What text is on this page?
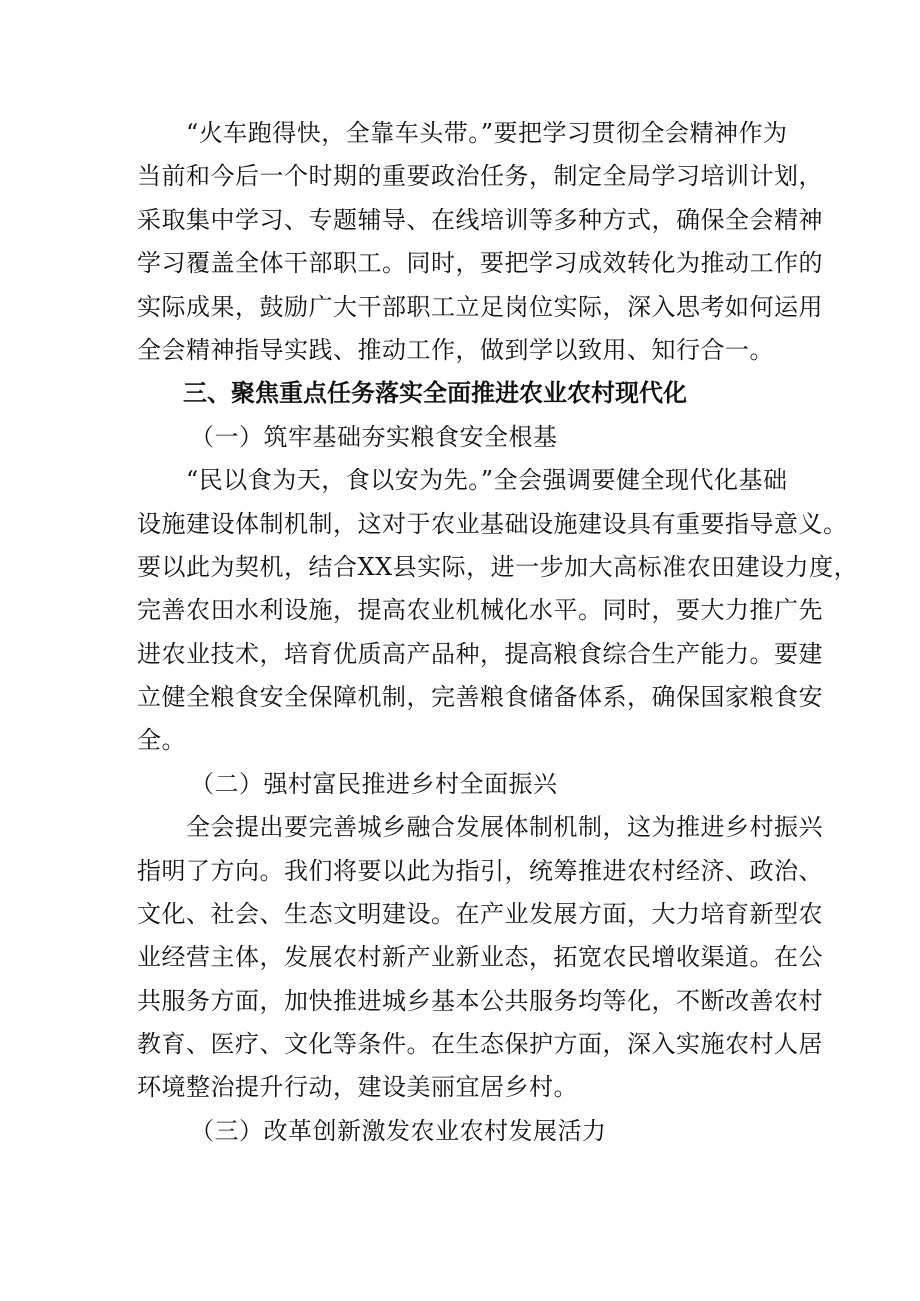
“火车跑得快，全靠车头带。”要把学习贯彻全会精神作为
当前和今后一个时期的重要政治任务，制定全局学习培训计划，
采取集中学习、专题辅导、在线培训等多种方式，确保全会精神
学习覆盖全体干部职工。同时，要把学习成效转化为推动工作的
实际成果，鼓励广大干部职工立足岗位实际，深入思考如何运用
全会精神指导实践、推动工作，做到学以致用、知行合一。
三、聚焦重点任务落实全面推进农业农村现代化
（一）筑牢基础夯实粮食安全根基
“民以食为天，食以安为先。”全会强调要健全现代化基础
设施建设体制机制，这对于农业基础设施建设具有重要指导意义。
要以此为契机，结合XX县实际，进一步加大高标准农田建设力度，
完善农田水利设施，提高农业机械化水平。同时，要大力推广先
进农业技术，培育优质高产品种，提高粮食综合生产能力。要建
立健全粮食安全保障机制，完善粮食储备体系，确保国家粮食安
全。
（二）强村富民推进乡村全面振兴
全会提出要完善城乡融合发展体制机制，这为推进乡村振兴
指明了方向。我们将要以此为指引，统筹推进农村经济、政治、
文化、社会、生态文明建设。在产业发展方面，大力培育新型农
业经营主体，发展农村新产业新业态，拓宽农民增收渠道。在公
共服务方面，加快推进城乡基本公共服务均等化，不断改善农村
教育、医疗、文化等条件。在生态保护方面，深入实施农村人居
环境整治提升行动，建设美丽宜居乡村。
（三）改革创新激发农业农村发展活力
